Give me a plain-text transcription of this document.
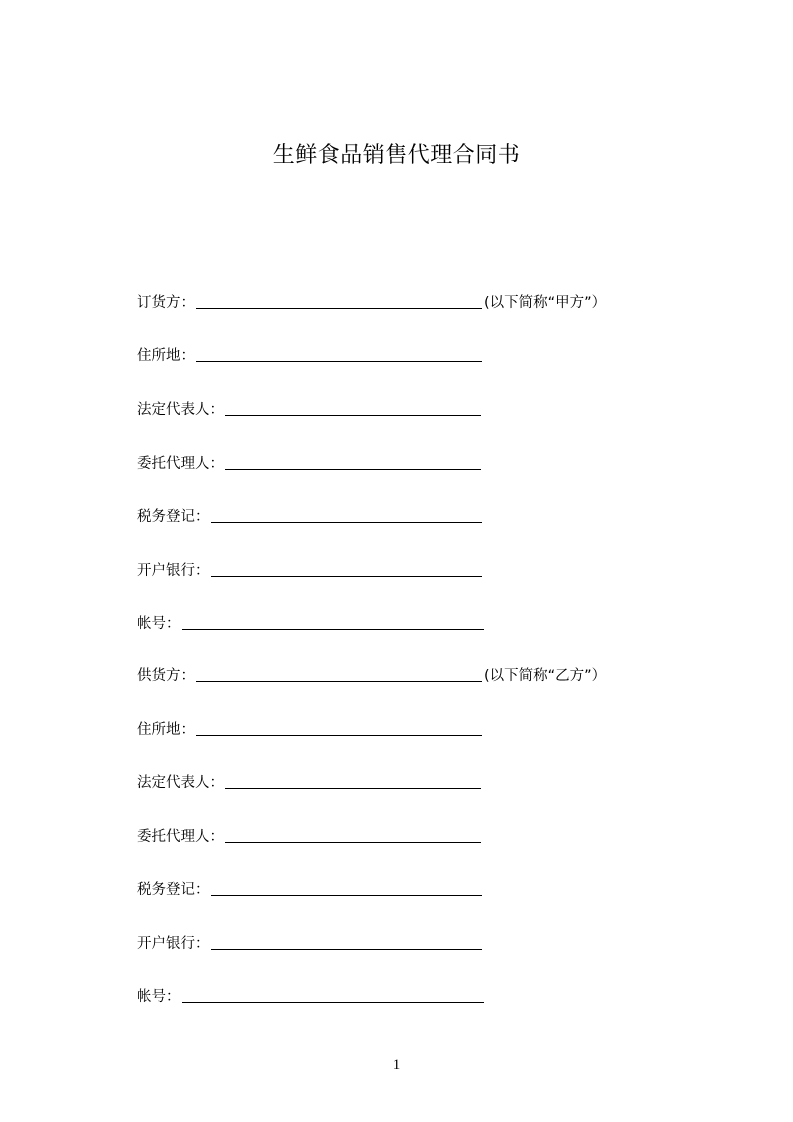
生鲜食品销售代理合同书
订货方：	(以下简称“甲方”）
住所地：
法定代表人：
委托代理人：
税务登记：
开户银行：
帐号：
供货方：	(以下简称“乙方”）
住所地：
法定代表人：
委托代理人：
税务登记：
开户银行：
帐号：
1
